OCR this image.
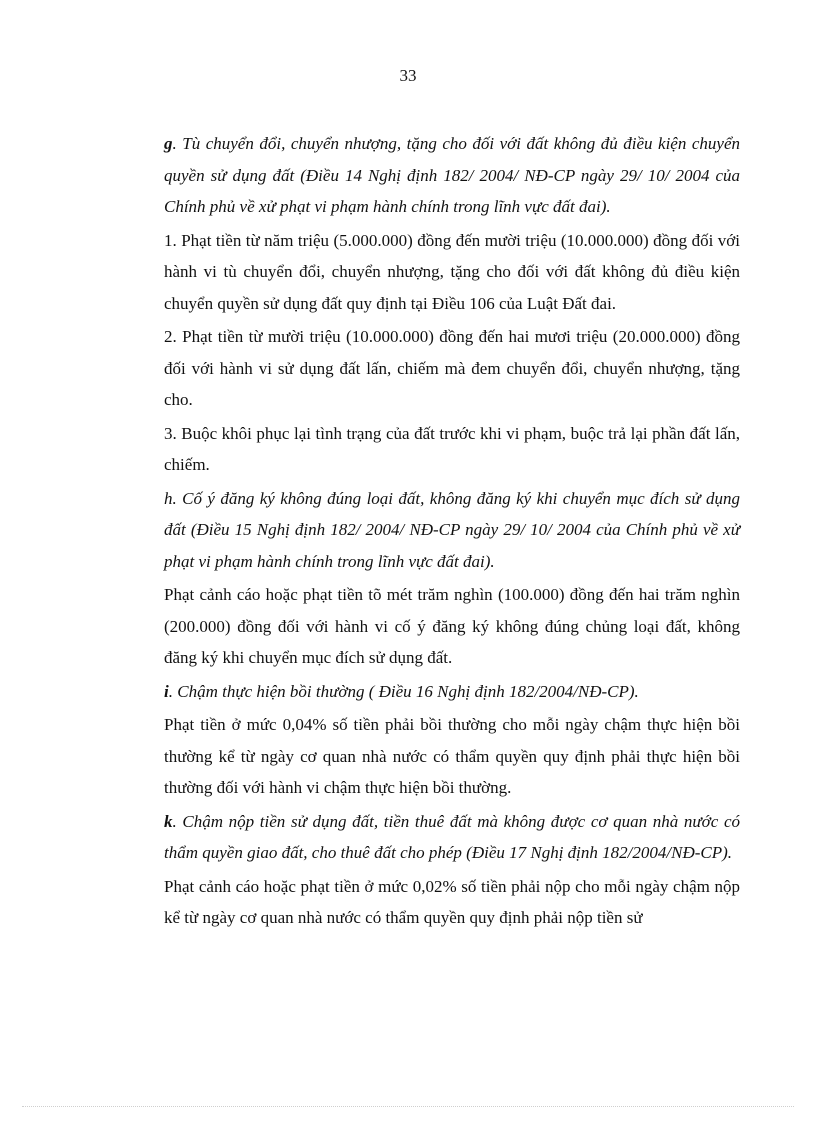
33

g. Tù chuyển đổi, chuyển nhượng, tặng cho đối với đất không đủ điều kiện chuyển quyền sử dụng đất (Điều 14 Nghị định 182/ 2004/ NĐ-CP ngày 29/ 10/ 2004 của Chính phủ về xử phạt vi phạm hành chính trong lĩnh vực đất đai).

1. Phạt tiền từ năm triệu (5.000.000) đồng đến mười triệu (10.000.000) đồng đối với hành vi tù chuyển đổi, chuyển nhượng, tặng cho đối với đất không đủ điều kiện chuyển quyền sử dụng đất quy định tại Điều 106 của Luật Đất đai.

2. Phạt tiền từ mười triệu (10.000.000) đồng đến hai mươi triệu (20.000.000) đồng đối với hành vi sử dụng đất lấn, chiếm mà đem chuyển đổi, chuyển nhượng, tặng cho.

3. Buộc khôi phục lại tình trạng của đất trước khi vi phạm, buộc trả lại phần đất lấn, chiếm.

h. Cố ý đăng ký không đúng loại đất, không đăng ký khi chuyển mục đích sử dụng đất (Điều 15 Nghị định 182/ 2004/ NĐ-CP ngày 29/ 10/ 2004 của Chính phủ về xử phạt vi phạm hành chính trong lĩnh vực đất đai).

Phạt cảnh cáo hoặc phạt tiền tõ mét trăm nghìn (100.000) đồng đến hai trăm nghìn (200.000) đồng đối với hành vi cố ý đăng ký không đúng chủng loại đất, không đăng ký khi chuyển mục đích sử dụng đất.

i. Chậm thực hiện bồi thường ( Điều 16 Nghị định 182/2004/NĐ-CP).

Phạt tiền ở mức 0,04% số tiền phải bồi thường cho mỗi ngày chậm thực hiện bồi thường kể từ ngày cơ quan nhà nước có thẩm quyền quy định phải thực hiện bồi thường đối với hành vi chậm thực hiện bồi thường.

k. Chậm nộp tiền sử dụng đất, tiền thuê đất mà không được cơ quan nhà nước có thẩm quyền giao đất, cho thuê đất cho phép (Điều 17 Nghị định 182/2004/NĐ-CP).

Phạt cảnh cáo hoặc phạt tiền ở mức 0,02% số tiền phải nộp cho mỗi ngày chậm nộp kể từ ngày cơ quan nhà nước có thẩm quyền quy định phải nộp tiền sử
